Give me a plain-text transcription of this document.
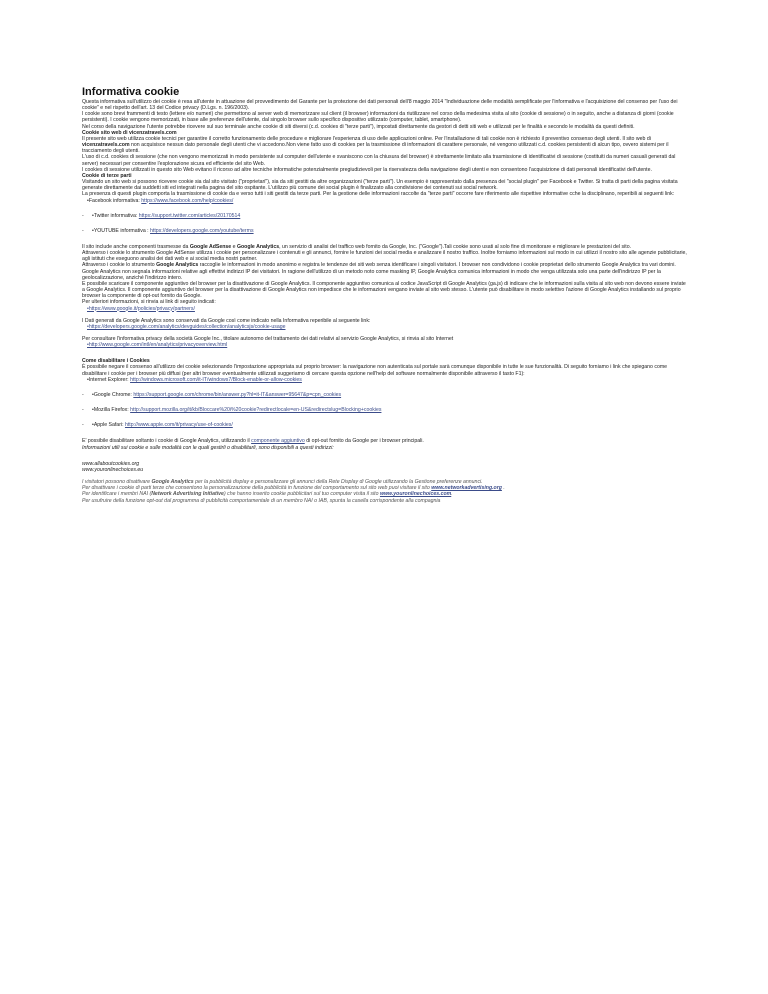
Informativa cookie

Questa informativa sull'utilizzo dei cookie è resa all'utente in attuazione del provvedimento del Garante per la protezione dei dati personali dell'8 maggio 2014 "Individuazione delle modalità semplificate per l'informativa e l'acquisizione del consenso per l'uso dei cookie" e nel rispetto dell'art. 13 del Codice privacy (D.Lgs. n. 196/2003).

I cookie sono brevi frammenti di testo (lettere e/o numeri) che permettono al server web di memorizzare sul client (il browser) informazioni da riutilizzare nel corso della medesima visita al sito (cookie di sessione) o in seguito, anche a distanza di giorni (cookie persistenti). I cookie vengono memorizzati, in base alle preferenze dell'utente, dal singolo browser sullo specifico dispositivo utilizzato (computer, tablet, smartphone).

Nel corso della navigazione l'utente potrebbe ricevere sul suo terminale anche cookie di siti diversi (c.d. cookies di "terze parti"), impostati direttamente da gestori di detti siti web e utilizzati per le finalità e secondo le modalità da questi definiti.

Cookie sito web di vicenzatravels.com

Il presente sito web utilizza cookie tecnici per garantire il corretto funzionamento delle procedure e migliorare l'esperienza di uso delle applicazioni online. Per l'installazione di tali cookie non è richiesto il preventivo consenso degli utenti. Il sito web di vicenzatravels.com non acquisisce nessun dato personale degli utenti che vi accedono.Non viene fatto uso di cookies per la trasmissione di informazioni di carattere personale, né vengono utilizzati c.d. cookies persistenti di alcun tipo, ovvero sistemi per il tracciamento degli utenti.

L'uso di c.d. cookies di sessione (che non vengono memorizzati in modo persistente sul computer dell'utente e svaniscono con la chiusura del browser) è strettamente limitato alla trasmissione di identificativi di sessione (costituiti da numeri casuali generati dal server) necessari per consentire l'esplorazione sicura ed efficiente del sito Web.

I cookies di sessione utilizzati in questo sito Web evitano il ricorso ad altre tecniche informatiche potenzialmente pregiudizievoli per la riservatezza della navigazione degli utenti e non consentono l'acquisizione di dati personali identificativi dell'utente.

Cookie di terze parti

Visitando un sito web si possono ricevere cookie sia dal sito visitato ("proprietari"), sia da siti gestiti da altre organizzazioni ("terze parti"). Un esempio è rappresentato dalla presenza dei "social plugin" per Facebook e Twitter. Si tratta di parti della pagina visitata generate direttamente dai suddetti siti ed integrati nella pagina del sito ospitante. L'utilizzo più comune dei social plugin è finalizzato alla condivisione dei contenuti sui social network.

La presenza di questi plugin comporta la trasmissione di cookie da e verso tutti i siti gestiti da terze parti. Per la gestione delle informazioni raccolte da "terze parti" occorre fare riferimento alle rispettive informative cche la disciplinano, reperibili ai seguenti link:

•Facebook informativa: https://www.facebook.com/help/cookies/

- •Twitter informativa: https://support.twitter.com/articles/20170514
- •YOUTUBE informativa : https://developers.google.com/youtube/terms

Il sito include anche componenti trasmesse da Google AdSense e Google Analytics, un servizio di analisi del traffico web fornito da Google, Inc. ("Google").Tali cookie sono usati al solo fine di monitorare e migliorare le prestazioni del sito.

Attraverso i cookie lo strumento Google AdSense utilizza i cookie per personalizzare i contenuti e gli annunci, fornire le funzioni dei social media e analizzare il nostro traffico. Inoltre forniamo informazioni sul modo in cui utilizzi il nostro sito alle agenzie pubblicitarie, agli istituti che eseguono analisi dei dati web e ai social media nostri partner.

Attraverso i cookie lo strumento Google Analytics raccoglie le informazioni in modo anonimo e registra le tendenze dei siti web senza identificare i singoli visitatori. I browser non condividono i cookie proprietari dello strumento Google Analytics tra vari domini. Google Analytics non segnala informazioni relative agli effettivi indirizzi IP dei visitatori. In ragione dell'utilizzo di un metodo noto come masking IP, Google Analytics comunica informazioni in modo che venga utilizzata solo una parte dell'indirizzo IP per la geolocalizzazione, anziché l'indirizzo intero.

E possibile scaricare il componente aggiuntivo del browser per la disattivazione di Google Analytics. Il componente aggiuntivo comunica al codice JavaScript di Google Analytics (ga.js) di indicare che le informazioni sulla visita al sito web non devono essere inviate a Google Analytics. Il componente aggiuntivo del browser per la disattivazione di Google Analytics non impedisce che le informazioni vengano inviate al sito web stesso. L'utente può disabilitare in modo selettivo l'azione di Google Analytics installando sul proprio browser la componente di opt-out fornito da Google.

Per ulteriori informazioni, si rinvia ai link di seguito indicati:

•https://www.google.it/policies/privacy/partners/

I Dati generati da Google Analytics sono conservati da Google così come indicato nella Informativa reperibile al seguente link:

•https://developers.google.com/analytics/devguides/collection/analyticsjs/cookie-usage

Per consultare l'informativa privacy della società Google Inc., titolare autonomo del trattamento dei dati relativi al servizio Google Analytics, si rinvia al sito Internet

•http://www.google.com/intl/en/analytics/privacyoverview.html

Come disabilitare i Cookies

È possibile negare il consenso all'utilizzo dei cookie selezionando l'impostazione appropriata sul proprio browser: la navigazione non autenticata sul portale sarà comunque disponibile in tutte le sue funzionalità. Di seguito forniamo i link che spiegano come disabilitare i cookie per i browser più diffusi (per altri browser eventualmente utilizzati suggeriamo di cercare questa opzione nell'help del software normalmente disponibile attraverso il tasto F1):

•Internet Explorer: http://windows.microsoft.com/it-IT/windows7/Block-enable-or-allow-cookies

- •Google Chrome: https://support.google.com/chrome/bin/answer.py?hl=it-IT&answer=95647&p=cpn_cookies
- •Mozilla Firefox: http://support.mozilla.org/it/kb/Bloccare%20i%20cookie?redirectlocale=en-US&redirectslug=Blocking+cookies
- •Apple Safari: http://www.apple.com/it/privacy/use-of-cookies/

E' possibile disabilitare soltanto i cookie di Google Analytics, utilizzando il componente aggiuntivo di opt-out fornito da Google per i browser principali.

Informazioni utili sui cookie e sulle modalità con le quali gestirli o disabilitarli, sono disponibili a questi indirizzi:

www.allaboutcookies.org

www.youronlinechoices.eu

I visitatori possono disattivare Google Analytics per la pubblicità display e personalizzare gli annunci della Rete Display di Google utilizzando la Gestione preferenze annunci.

Per disattivare i cookie di parti terze che consentono la personalizzazione della pubblicità in funzione del comportamento sul sito web puoi visitare il sito www.networkadvertising.org .

Per identificare i membri NAI (Network Advertising Initiative) che hanno inserito cookie pubblicitari sul tuo computer visita il sito www.youronlinechoices.com.

Per usufruire della funzione opt-out dal programma di pubblicità comportamentale di un membro NAI o IAB, spunta la casella corrispondente alla compagnia
